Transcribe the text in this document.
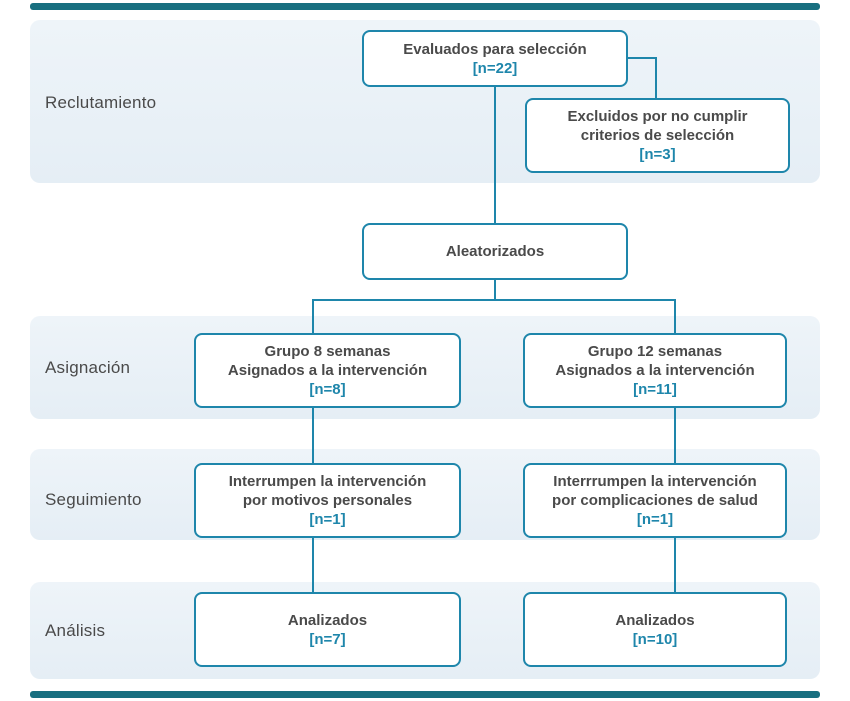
Reclutamiento
Asignación
Seguimiento
Análisis
Evaluados para selección
[n=22]
Excluidos por no cumplir
criterios de selección
[n=3]
Aleatorizados
Grupo 8 semanas
Asignados a la intervención
[n=8]
Grupo 12 semanas
Asignados a la intervención
[n=11]
Interrumpen la intervención
por motivos personales
[n=1]
Interrrumpen la intervención
por complicaciones de salud
[n=1]
Analizados
[n=7]
Analizados
[n=10]
